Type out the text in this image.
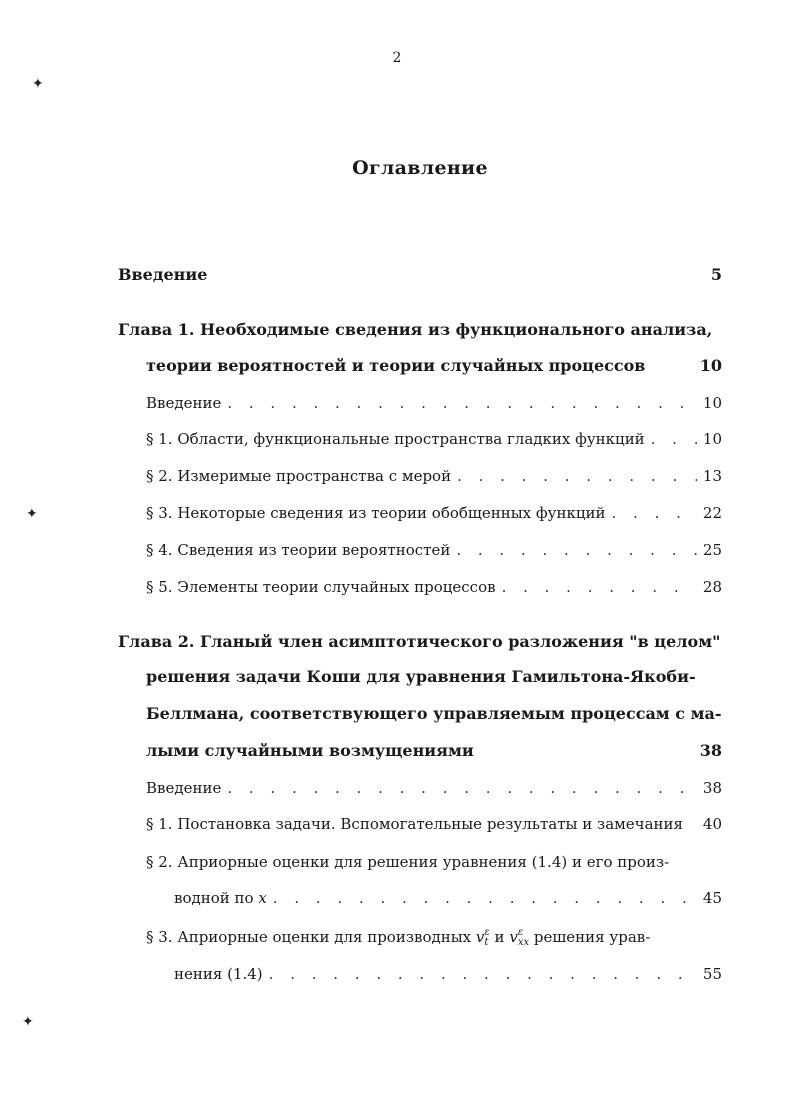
2
Оглавление
Введение	5
Глава 1. Необходимые сведения из функционального анализа,
теории вероятностей и теории случайных процессов	10
Введение . . .	10
§ 1. Области, функциональные пространства гладких функций . . .	10
§ 2. Измеримые пространства с мерой . . .	13
§ 3. Некоторые сведения из теории обобщенных функций . . .	22
§ 4. Сведения из теории вероятностей . . .	25
§ 5. Элементы теории случайных процессов . . .	28
Глава 2. Гланый член асимптотического разложения "в целом"
решения задачи Коши для уравнения Гамильтона-Якоби-
Беллмана, соответствующего управляемым процессам с ма-
лыми случайными возмущениями	38
Введение . . .	38
§ 1. Постановка задачи. Вспомогательные результаты и замечания 40
§ 2. Априорные оценки для решения уравнения (1.4) и его произ-
водной по x . . .	45
§ 3. Априорные оценки для производных v ε
t и v ε
xx решения урав-
нения (1.4) . . .	55
✦
✦
✦
